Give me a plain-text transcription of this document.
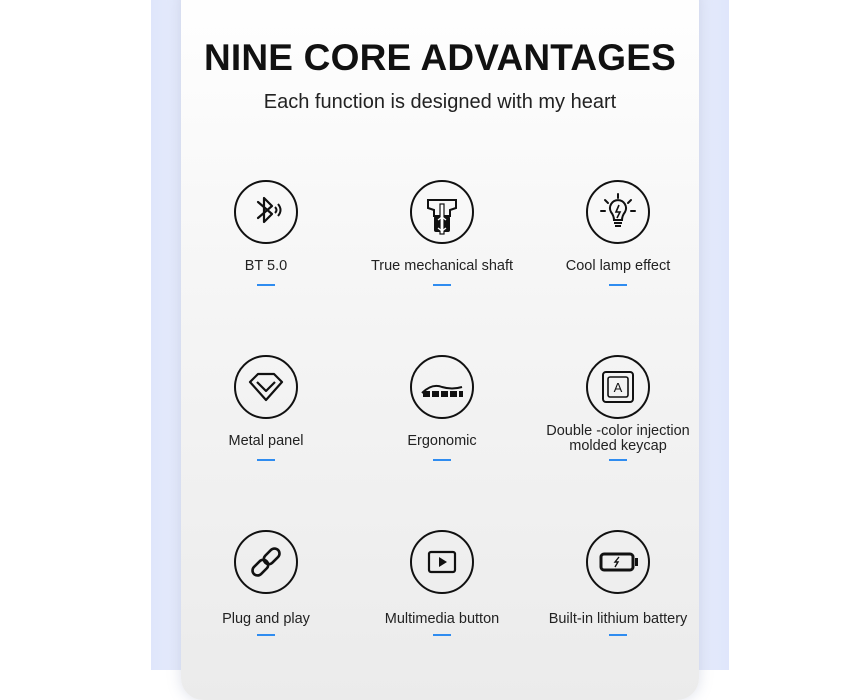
NINE CORE ADVANTAGES
Each function is designed with my heart
BT 5.0	True mechanical shaft	Cool lamp effect
Metal panel	Ergonomic
A
Double -color injection
molded keycap
Plug and play	Multimedia button	Built-in lithium battery
